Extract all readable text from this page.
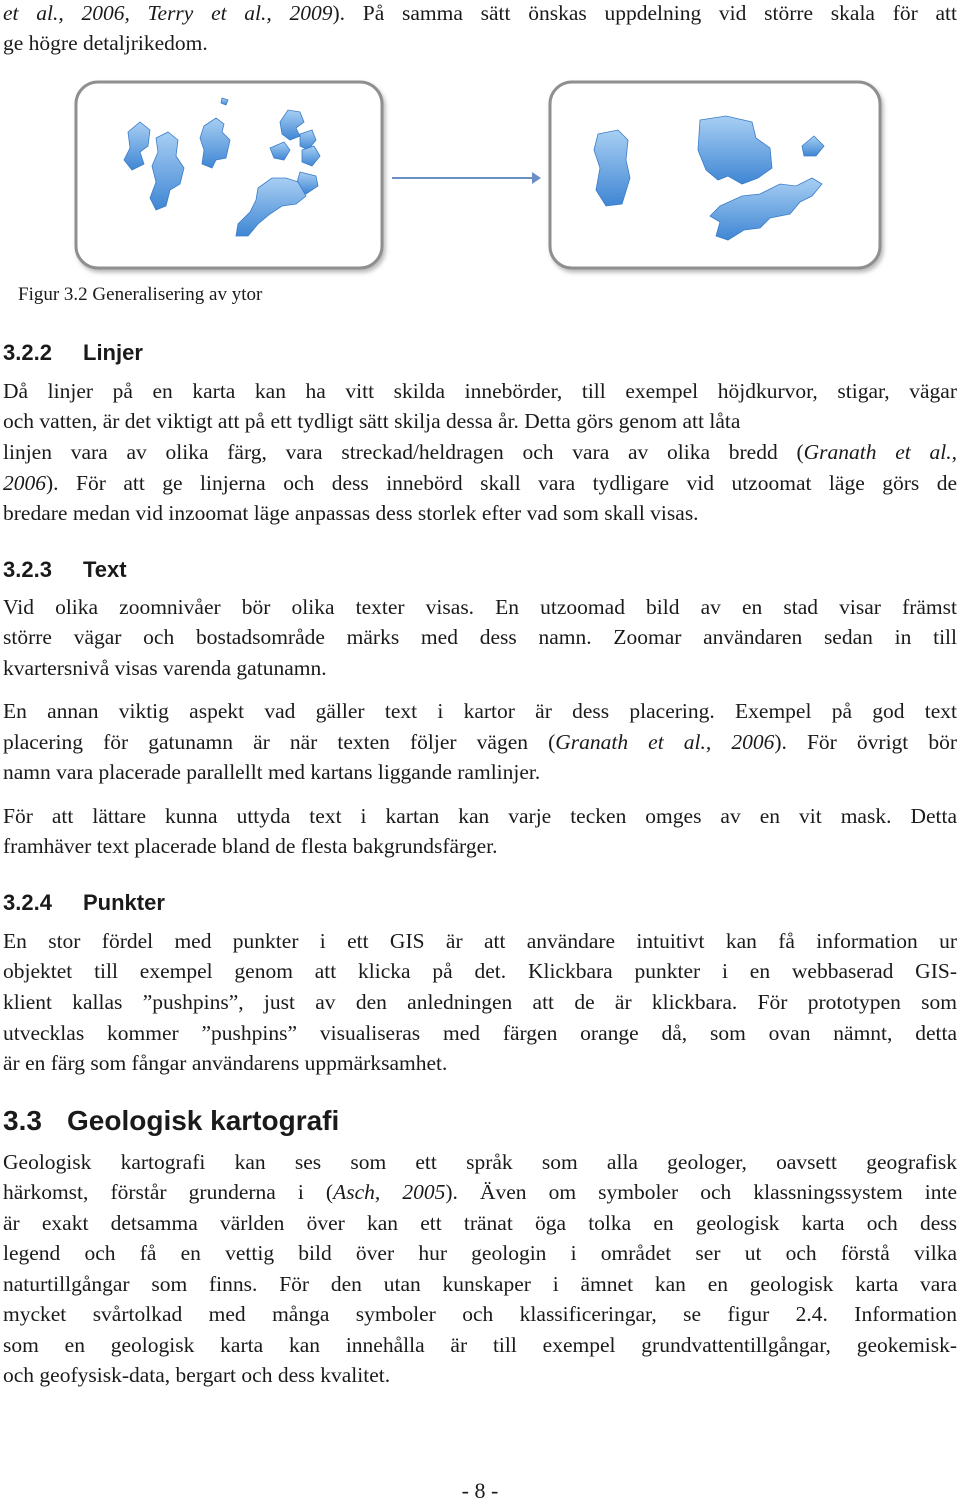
et al., 2006, Terry et al., 2009). På samma sätt önskas uppdelning vid större skala för att
ge högre detaljrikedom.
Figur 3.2 Generalisering av ytor
3.2.2 Linjer
Då linjer på en karta kan ha vitt skilda innebörder, till exempel höjdkurvor, stigar, vägar
och vatten, är det viktigt att på ett tydligt sätt skilja dessa år. Detta görs genom att låta
linjen vara av olika färg, vara streckad/heldragen och vara av olika bredd (Granath et al.,
2006). För att ge linjerna och dess innebörd skall vara tydligare vid utzoomat läge görs de
bredare medan vid inzoomat läge anpassas dess storlek efter vad som skall visas.
3.2.3 Text
Vid olika zoomnivåer bör olika texter visas. En utzoomad bild av en stad visar främst
större vägar och bostadsområde märks med dess namn. Zoomar användaren sedan in till
kvartersnivå visas varenda gatunamn.
En annan viktig aspekt vad gäller text i kartor är dess placering. Exempel på god text
placering för gatunamn är när texten följer vägen (Granath et al., 2006). För övrigt bör
namn vara placerade parallellt med kartans liggande ramlinjer.
För att lättare kunna uttyda text i kartan kan varje tecken omges av en vit mask. Detta
framhäver text placerade bland de flesta bakgrundsfärger.
3.2.4 Punkter
En stor fördel med punkter i ett GIS är att användare intuitivt kan få information ur
objektet till exempel genom att klicka på det. Klickbara punkter i en webbaserad GIS-
klient kallas ”pushpins”, just av den anledningen att de är klickbara. För prototypen som
utvecklas kommer ”pushpins” visualiseras med färgen orange då, som ovan nämnt, detta
är en färg som fångar användarens uppmärksamhet.
3.3 Geologisk kartografi
Geologisk kartografi kan ses som ett språk som alla geologer, oavsett geografisk
härkomst, förstår grunderna i (Asch, 2005). Även om symboler och klassningssystem inte
är exakt detsamma världen över kan ett tränat öga tolka en geologisk karta och dess
legend och få en vettig bild över hur geologin i området ser ut och förstå vilka
naturtillgångar som finns. För den utan kunskaper i ämnet kan en geologisk karta vara
mycket svårtolkad med många symboler och klassificeringar, se figur 2.4. Information
som en geologisk karta kan innehålla är till exempel grundvattentillgångar, geokemisk-
och geofysisk-data, bergart och dess kvalitet.
- 8 -
